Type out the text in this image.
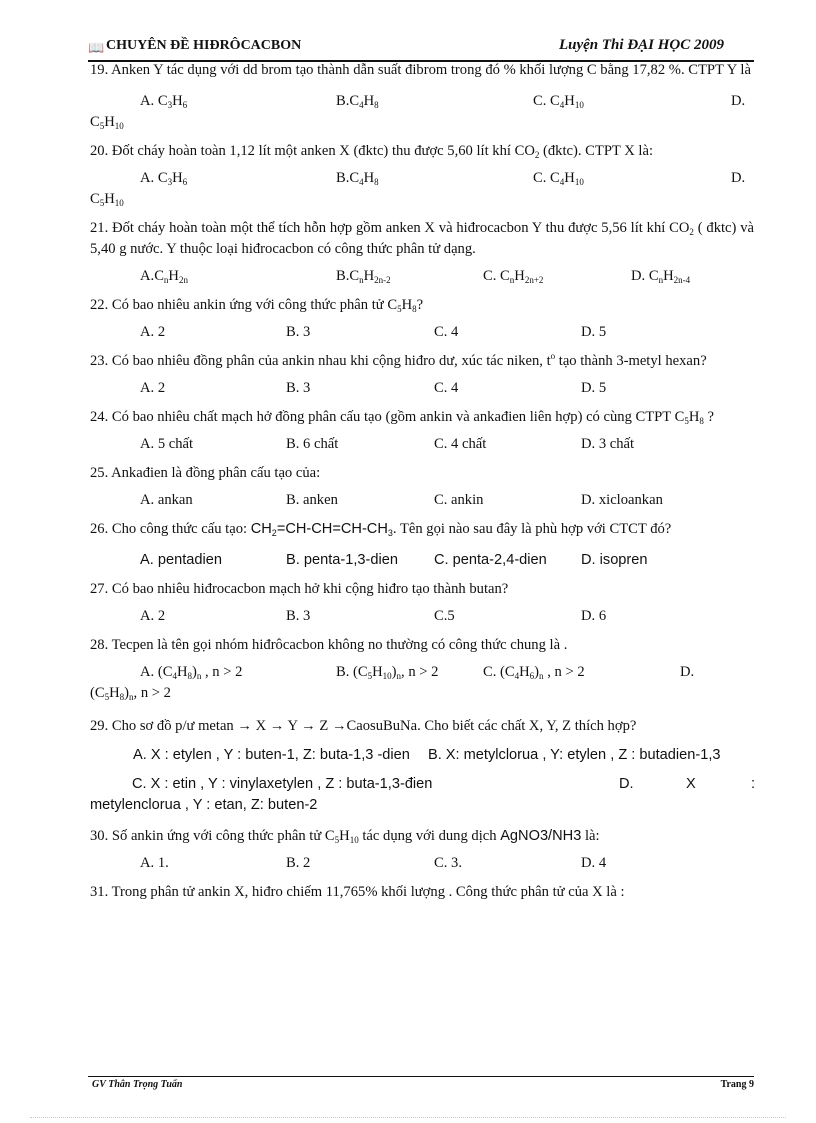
📖 CHUYÊN ĐỀ HIĐRÔCACBON	Luyện Thi ĐẠI HỌC 2009

19. Anken Y tác dụng với dd brom tạo thành dẫn suất đibrom trong đó % khối lượng C bằng 17,82 %. CTPT Y là

A. $C_3H_6$	$B.C_4H_8$	C. $C_4H_{10}$	D.
$C_5H_{10}$

20. Đốt cháy hoàn toàn 1,12 lít một anken X (đktc) thu được 5,60 lít khí $CO_2$ (đktc). CTPT X là:

A. $C_3H_6$	$B.C_4H_8$	C. $C_4H_{10}$	D.
$C_5H_{10}$

21. Đốt cháy hoàn toàn một thể tích hỗn hợp gồm anken X và hiđrocacbon Y thu được 5,56 lít khí $CO_2$ ( đktc) và 5,40 g nước. Y thuộc loại hiđrocacbon có công thức phân tử dạng.

$A.C_nH_{2n}$	$B.C_nH_{2n-2}$	C. $C_nH_{2n+2}$	D. $C_nH_{2n-4}$

22. Có bao nhiêu ankin ứng với công thức phân tử $C_5H_8$?

A. 2	B. 3	C. 4	D. 5

23. Có bao nhiêu đồng phân của ankin nhau khi cộng hiđro dư, xúc tác niken, $t^o$ tạo thành 3-metyl hexan?

A. 2	B. 3	C. 4	D. 5

24. Có bao nhiêu chất mạch hở đồng phân cấu tạo (gồm ankin và ankađien liên hợp) có cùng CTPT $C_5H_8$ ?

A. 5 chất	B. 6 chất	C. 4 chất	D. 3 chất

25. Ankađien là đồng phân cấu tạo của:

A. ankan	B. anken	C. ankin	D. xicloankan

26. Cho công thức cấu tạo: $CH_2=CH-CH=CH-CH_3$. Tên gọi nào sau đây là phù hợp với CTCT đó?

A. pentadien	B. penta-1,3-dien C. penta-2,4-dien D. isopren

27. Có bao nhiêu hiđrocacbon mạch hở khi cộng hiđro tạo thành butan?

A. 2	B. 3	C.5	D. 6

28. Tecpen là tên gọi nhóm hiđrôcacbon không no thường có công thức chung là .

A. $(C_4H_8)_n$ , n > 2	B. $(C_5H_{10})_n$, n > 2	C. $(C_4H_6)_n$ , n > 2	D.
$(C_5H_8)_n$, n > 2

29. Cho sơ đồ p/ư metan → X → Y → Z →CaosuBuNa. Cho biết các chất X, Y, Z thích hợp?

A. X : etylen , Y : buten-1, Z: buta-1,3 -dien B. X: metylclorua , Y: etylen , Z : butadien-1,3
C. X : etin , Y : vinylaxetylen , Z : buta-1,3-đien	D.	X	:
metylenclorua , Y : etan, Z: buten-2

30. Số ankin ứng với công thức phân tử $C_5H_{10}$ tác dụng với dung dịch AgNO3/NH3 là:

A. 1.	B. 2	C. 3.	D. 4

31. Trong phân tử ankin X, hiđro chiếm 11,765% khối lượng . Công thức phân tử của X là :

GV Thân Trọng Tuấn	Trang 9
